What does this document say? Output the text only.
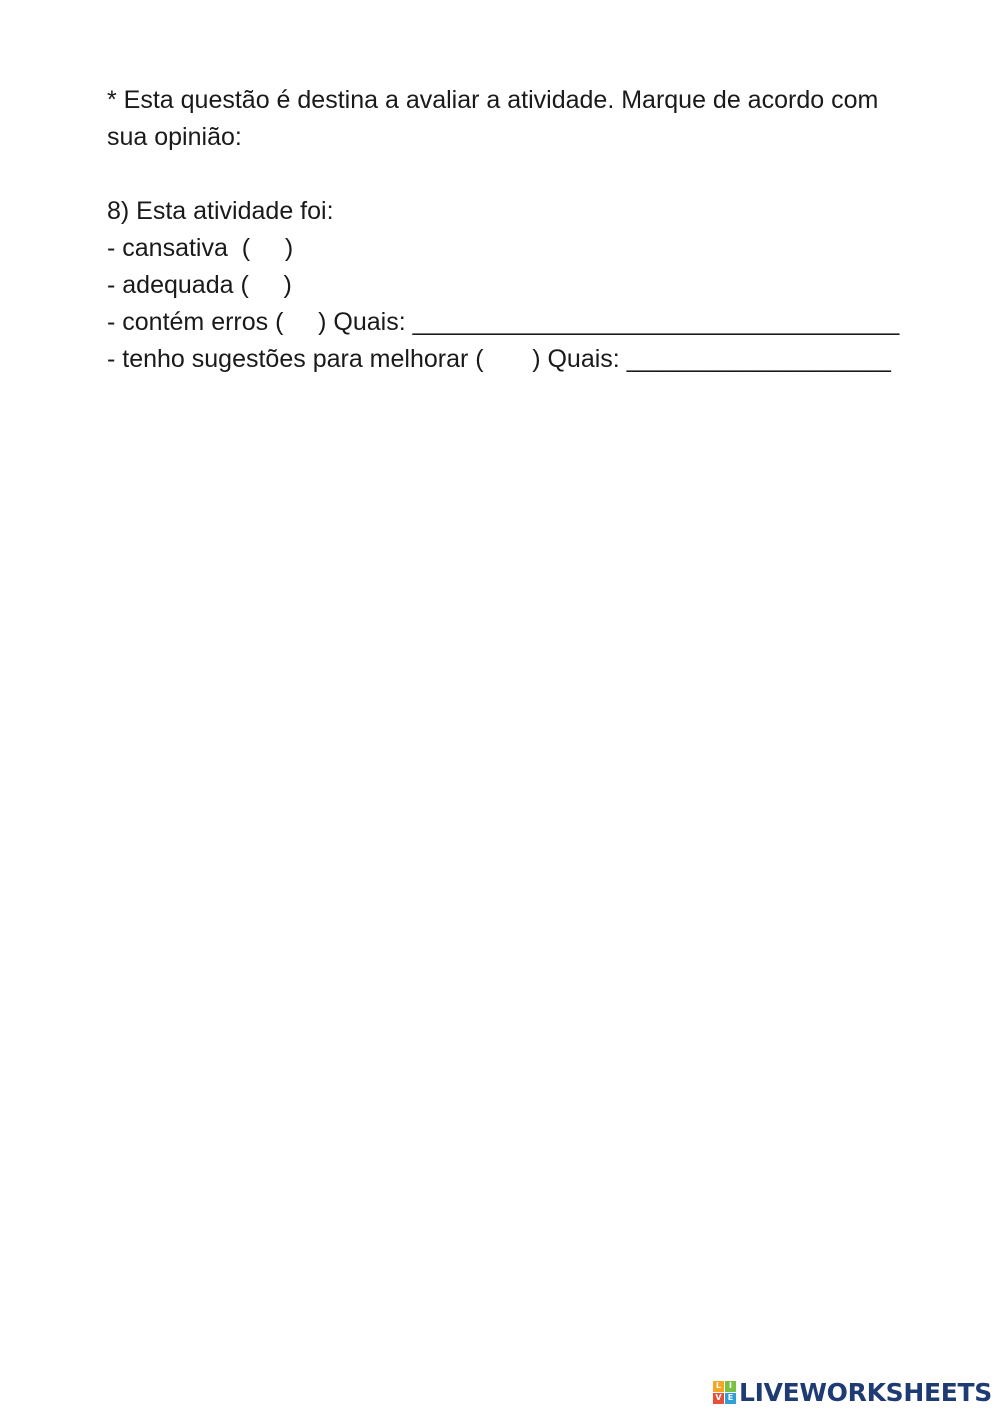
* Esta questão é destina a avaliar a atividade. Marque de acordo com
sua opinião:
8) Esta atividade foi:
- cansativa  (     )
- adequada (     )
- contém erros (     ) Quais: ___________________________________
- tenho sugestões para melhorar (       ) Quais: ___________________
L I
V E LIVEWORKSHEETS
